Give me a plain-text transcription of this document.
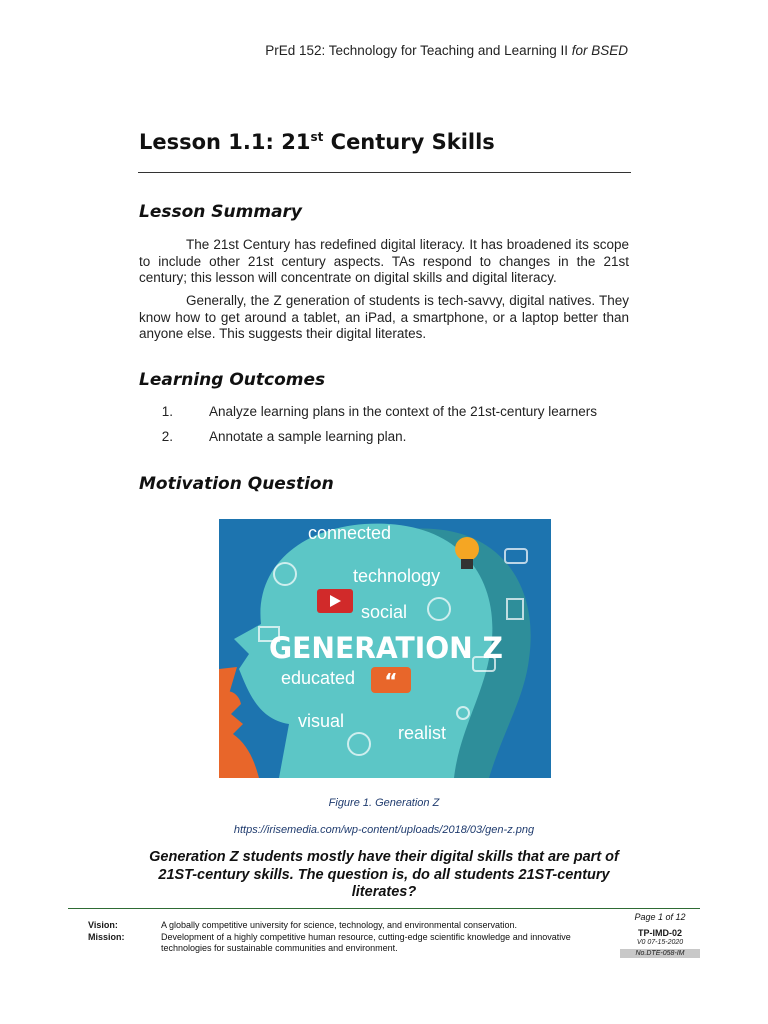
PrEd 152: Technology for Teaching and Learning II for BSED
Lesson 1.1: 21st Century Skills
Lesson Summary

The 21st Century has redefined digital literacy. It has broadened its scope to include other 21st century aspects. TAs respond to changes in the 21st century; this lesson will concentrate on digital skills and digital literacy.

Generally, the Z generation of students is tech-savvy, digital natives. They know how to get around a tablet, an iPad, a smartphone, or a laptop better than anyone else. This suggests their digital literates.

Learning Outcomes
1.	Analyze learning plans in the context of the 21st-century learners
2.	Annotate a sample learning plan.
Motivation Question
“
connected
technology
social
GENERATION Z
educated
visual
realist

Figure 1. Generation Z

https://irisemedia.com/wp-content/uploads/2018/03/gen-z.png

Generation Z students mostly have their digital skills that are part of 21ST-century skills. The question is, do all students 21ST-century literates?

Vision:
Mission:
A globally competitive university for science, technology, and environmental conservation.
Development of a highly competitive human resource, cutting-edge scientific knowledge and innovative technologies for sustainable communities and environment.
Page 1 of 12
TP-IMD-02
V0 07-15-2020
No.DTE-058-IM
